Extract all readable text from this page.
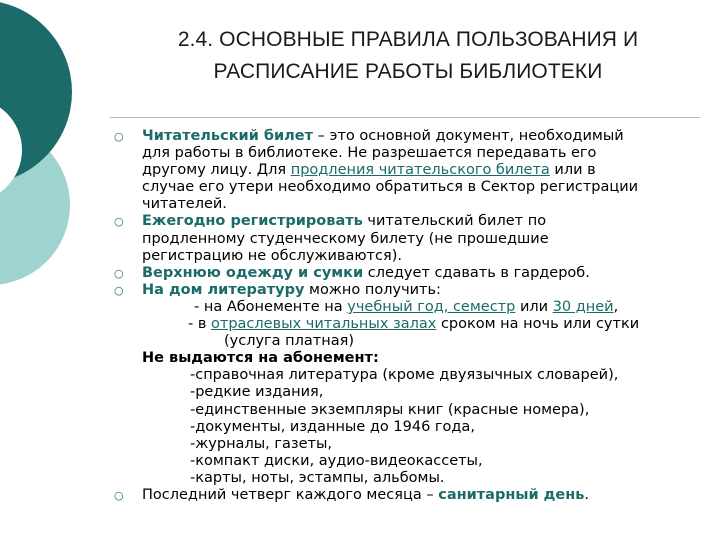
2.4. ОСНОВНЫЕ ПРАВИЛА ПОЛЬЗОВАНИЯ И
РАСПИСАНИЕ РАБОТЫ БИБЛИОТЕКИ
○ Читательский билет – это основной документ, необходимый
для работы в библиотеке. Не разрешается передавать его
другому лицу. Для продления читательского билета или в
случае его утери необходимо обратиться в Сектор регистрации
читателей.
○ Ежегодно регистрировать читательский билет по
продленному студенческому билету (не прошедшие
регистрацию не обслуживаются).
○ Верхнюю одежду и сумки следует сдавать в гардероб.
○ На дом литературу можно получить:
- на Абонементе на учебный год, семестр или 30 дней,
- в отраслевых читальных залах сроком на ночь или сутки
(услуга платная)
Не выдаются на абонемент:
-справочная литература (кроме двуязычных словарей),
-редкие издания,
-единственные экземпляры книг (красные номера),
-документы, изданные до 1946 года,
-журналы, газеты,
-компакт диски, аудио-видеокассеты,
-карты, ноты, эстампы, альбомы.
○ Последний четверг каждого месяца – санитарный день.
